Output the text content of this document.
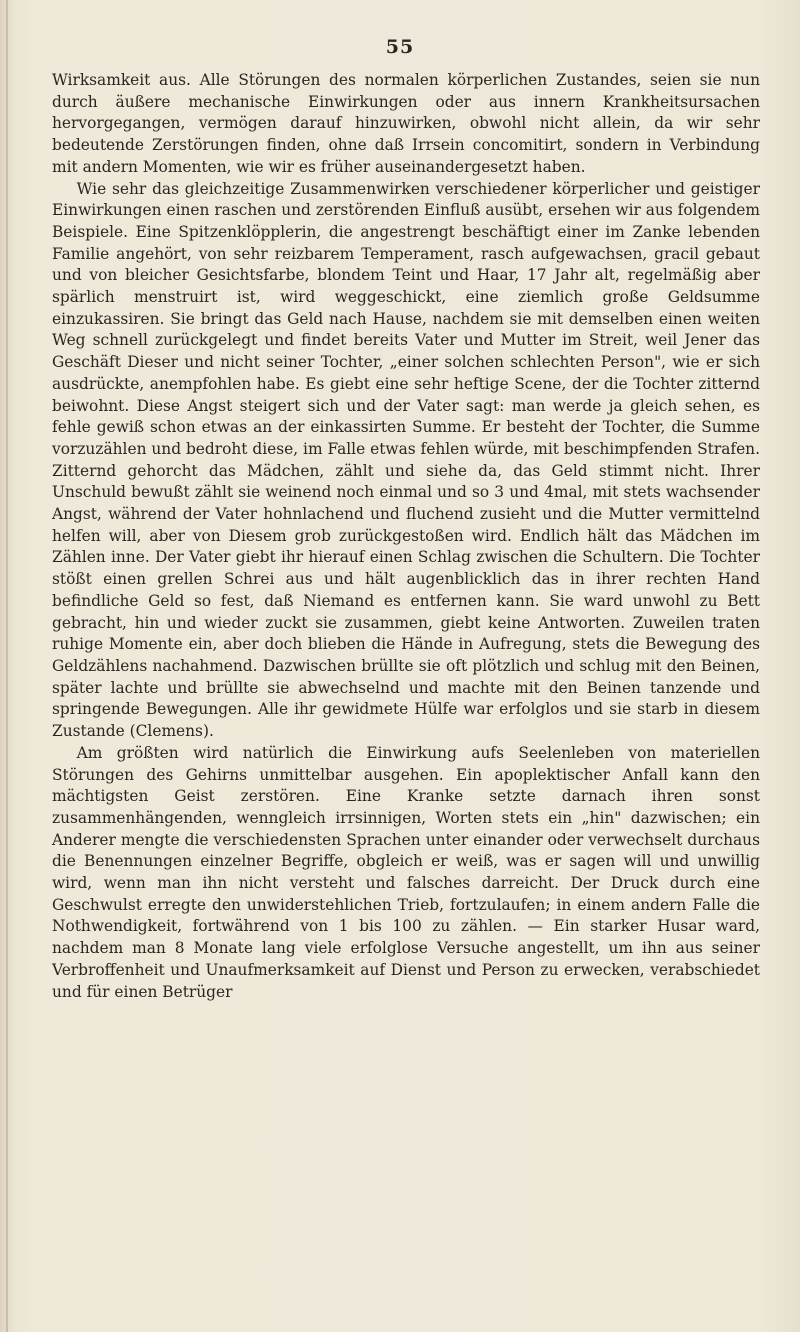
55

Wirksamkeit aus. Alle Störungen des normalen körperlichen Zustandes, seien sie nun durch äußere mechanische Einwirkungen oder aus innern Krankheitsursachen hervorgegangen, vermögen darauf hinzuwirken, obwohl nicht allein, da wir sehr bedeutende Zerstörungen finden, ohne daß Irrsein concomitirt, sondern in Verbindung mit andern Momenten, wie wir es früher auseinandergesetzt haben.

Wie sehr das gleichzeitige Zusammenwirken verschiedener körperlicher und geistiger Einwirkungen einen raschen und zerstörenden Einfluß ausübt, ersehen wir aus folgendem Beispiele. Eine Spitzenklöpplerin, die angestrengt beschäftigt einer im Zanke lebenden Familie angehört, von sehr reizbarem Temperament, rasch aufgewachsen, gracil gebaut und von bleicher Gesichtsfarbe, blondem Teint und Haar, 17 Jahr alt, regelmäßig aber spärlich menstruirt ist, wird weggeschickt, eine ziemlich große Geldsumme einzukassiren. Sie bringt das Geld nach Hause, nachdem sie mit demselben einen weiten Weg schnell zurückgelegt und findet bereits Vater und Mutter im Streit, weil Jener das Geschäft Dieser und nicht seiner Tochter, „einer solchen schlechten Person", wie er sich ausdrückte, anempfohlen habe. Es giebt eine sehr heftige Scene, der die Tochter zitternd beiwohnt. Diese Angst steigert sich und der Vater sagt: man werde ja gleich sehen, es fehle gewiß schon etwas an der einkassirten Summe. Er besteht der Tochter, die Summe vorzuzählen und bedroht diese, im Falle etwas fehlen würde, mit beschimpfenden Strafen. Zitternd gehorcht das Mädchen, zählt und siehe da, das Geld stimmt nicht. Ihrer Unschuld bewußt zählt sie weinend noch einmal und so 3 und 4mal, mit stets wachsender Angst, während der Vater hohnlachend und fluchend zusieht und die Mutter vermittelnd helfen will, aber von Diesem grob zurückgestoßen wird. Endlich hält das Mädchen im Zählen inne. Der Vater giebt ihr hierauf einen Schlag zwischen die Schultern. Die Tochter stößt einen grellen Schrei aus und hält augenblicklich das in ihrer rechten Hand befindliche Geld so fest, daß Niemand es entfernen kann. Sie ward unwohl zu Bett gebracht, hin und wieder zuckt sie zusammen, giebt keine Antworten. Zuweilen traten ruhige Momente ein, aber doch blieben die Hände in Aufregung, stets die Bewegung des Geldzählens nachahmend. Dazwischen brüllte sie oft plötzlich und schlug mit den Beinen, später lachte und brüllte sie abwechselnd und machte mit den Beinen tanzende und springende Bewegungen. Alle ihr gewidmete Hülfe war erfolglos und sie starb in diesem Zustande (Clemens).

Am größten wird natürlich die Einwirkung aufs Seelenleben von materiellen Störungen des Gehirns unmittelbar ausgehen. Ein apoplektischer Anfall kann den mächtigsten Geist zerstören. Eine Kranke setzte darnach ihren sonst zusammenhängenden, wenngleich irrsinnigen, Worten stets ein „hin" dazwischen; ein Anderer mengte die verschiedensten Sprachen unter einander oder verwechselt durchaus die Benennungen einzelner Begriffe, obgleich er weiß, was er sagen will und unwillig wird, wenn man ihn nicht versteht und falsches darreicht. Der Druck durch eine Geschwulst erregte den unwiderstehlichen Trieb, fortzulaufen; in einem andern Falle die Nothwendigkeit, fortwährend von 1 bis 100 zu zählen. — Ein starker Husar ward, nachdem man 8 Monate lang viele erfolglose Versuche angestellt, um ihn aus seiner Verbroffenheit und Unaufmerksamkeit auf Dienst und Person zu erwecken, verabschiedet und für einen Betrüger
